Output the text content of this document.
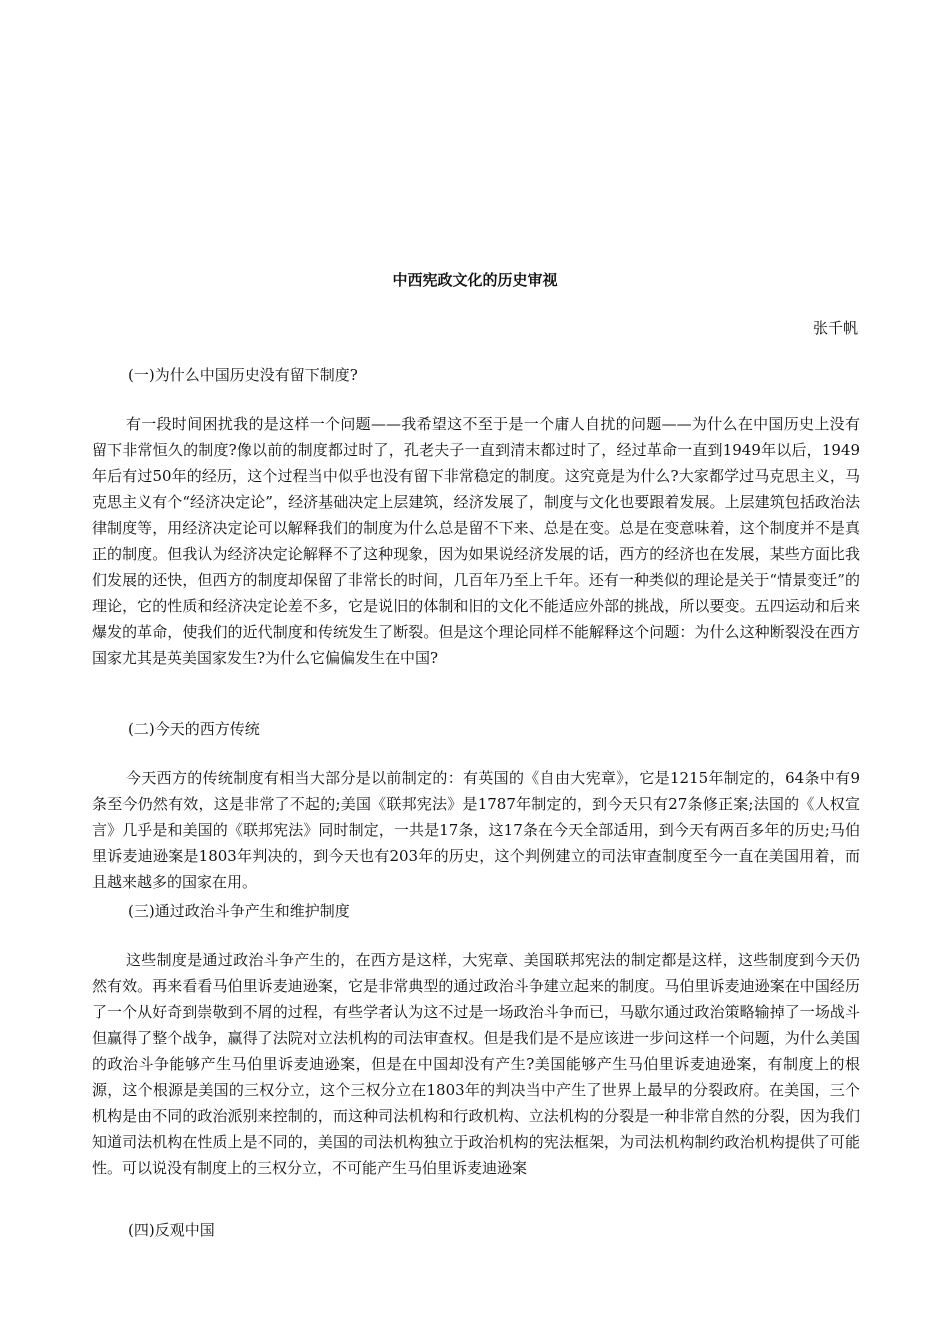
中西宪政文化的历史审视
张千帆
(一)为什么中国历史没有留下制度?

有一段时间困扰我的是这样一个问题——我希望这不至于是一个庸人自扰的问题——为什么在中国历史上没有留下非常恒久的制度?像以前的制度都过时了，孔老夫子一直到清末都过时了，经过革命一直到1949年以后，1949年后有过50年的经历，这个过程当中似乎也没有留下非常稳定的制度。这究竟是为什么?大家都学过马克思主义，马克思主义有个“经济决定论”，经济基础决定上层建筑，经济发展了，制度与文化也要跟着发展。上层建筑包括政治法律制度等，用经济决定论可以解释我们的制度为什么总是留不下来、总是在变。总是在变意味着，这个制度并不是真正的制度。但我认为经济决定论解释不了这种现象，因为如果说经济发展的话，西方的经济也在发展，某些方面比我们发展的还快，但西方的制度却保留了非常长的时间，几百年乃至上千年。还有一种类似的理论是关于“情景变迁”的理论，它的性质和经济决定论差不多，它是说旧的体制和旧的文化不能适应外部的挑战，所以要变。五四运动和后来爆发的革命，使我们的近代制度和传统发生了断裂。但是这个理论同样不能解释这个问题：为什么这种断裂没在西方国家尤其是英美国家发生?为什么它偏偏发生在中国?

(二)今天的西方传统

今天西方的传统制度有相当大部分是以前制定的：有英国的《自由大宪章》，它是1215年制定的，64条中有9条至今仍然有效，这是非常了不起的;美国《联邦宪法》是1787年制定的，到今天只有27条修正案;法国的《人权宣言》几乎是和美国的《联邦宪法》同时制定，一共是17条，这17条在今天全部适用，到今天有两百多年的历史;马伯里诉麦迪逊案是1803年判决的，到今天也有203年的历史，这个判例建立的司法审查制度至今一直在美国用着，而且越来越多的国家在用。

(三)通过政治斗争产生和维护制度

这些制度是通过政治斗争产生的，在西方是这样，大宪章、美国联邦宪法的制定都是这样，这些制度到今天仍然有效。再来看看马伯里诉麦迪逊案，它是非常典型的通过政治斗争建立起来的制度。马伯里诉麦迪逊案在中国经历了一个从好奇到崇敬到不屑的过程，有些学者认为这不过是一场政治斗争而已，马歇尔通过政治策略输掉了一场战斗但赢得了整个战争，赢得了法院对立法机构的司法审查权。但是我们是不是应该进一步问这样一个问题，为什么美国的政治斗争能够产生马伯里诉麦迪逊案，但是在中国却没有产生?美国能够产生马伯里诉麦迪逊案，有制度上的根源，这个根源是美国的三权分立，这个三权分立在1803年的判决当中产生了世界上最早的分裂政府。在美国，三个机构是由不同的政治派别来控制的，而这种司法机构和行政机构、立法机构的分裂是一种非常自然的分裂，因为我们知道司法机构在性质上是不同的，美国的司法机构独立于政治机构的宪法框架，为司法机构制约政治机构提供了可能性。可以说没有制度上的三权分立，不可能产生马伯里诉麦迪逊案

(四)反观中国
